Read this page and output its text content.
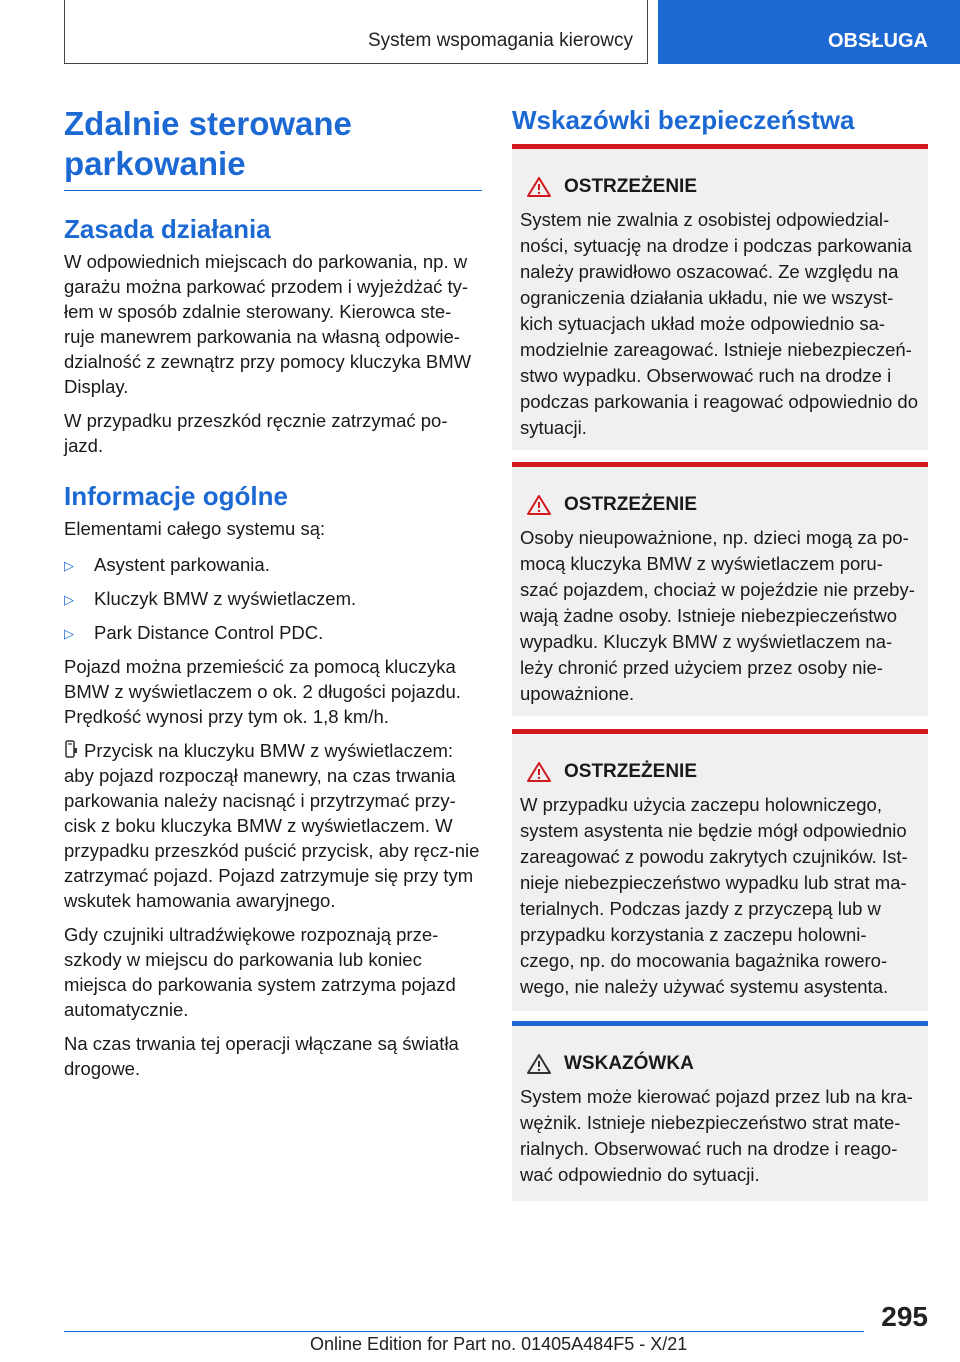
System wspomagania kierowcy	OBSŁUGA
Zdalnie sterowane
parkowanie
Zasada działania

W odpowiednich miejscach do parkowania, np. w garażu można parkować przodem i wyjeżdżać ty-łem w sposób zdalnie sterowany. Kierowca ste-ruje manewrem parkowania na własną odpowie-dzialność z zewnątrz przy pomocy kluczyka BMW Display.

W przypadku przeszkód ręcznie zatrzymać po-jazd.

Informacje ogólne

Elementami całego systemu są:

▷ Asystent parkowania.
▷ Kluczyk BMW z wyświetlaczem.
▷ Park Distance Control PDC.

Pojazd można przemieścić za pomocą kluczyka BMW z wyświetlaczem o ok. 2 długości pojazdu. Prędkość wynosi przy tym ok. 1,8 km/h.

Przycisk na kluczyku BMW z wyświetlaczem: aby pojazd rozpoczął manewry, na czas trwania parkowania należy nacisnąć i przytrzymać przy-cisk z boku kluczyka BMW z wyświetlaczem. W przypadku przeszkód puścić przycisk, aby ręcz-nie zatrzymać pojazd. Pojazd zatrzymuje się przy tym wskutek hamowania awaryjnego.

Gdy czujniki ultradźwiękowe rozpoznają prze-szkody w miejscu do parkowania lub koniec miejsca do parkowania system zatrzyma pojazd automatycznie.

Na czas trwania tej operacji włączane są światła drogowe.

Wskazówki bezpieczeństwa
OSTRZEŻENIE
System nie zwalnia z osobistej odpowiedzial-ności, sytuację na drodze i podczas parkowania należy prawidłowo oszacować. Ze względu na ograniczenia działania układu, nie we wszyst-kich sytuacjach układ może odpowiednio sa-modzielnie zareagować. Istnieje niebezpieczeń-stwo wypadku. Obserwować ruch na drodze i podczas parkowania i reagować odpowiednio do sytuacji.
OSTRZEŻENIE
Osoby nieupoważnione, np. dzieci mogą za po-mocą kluczyka BMW z wyświetlaczem poru-szać pojazdem, chociaż w pojeździe nie przeby-wają żadne osoby. Istnieje niebezpieczeństwo wypadku. Kluczyk BMW z wyświetlaczem na-leży chronić przed użyciem przez osoby nie-upoważnione.
OSTRZEŻENIE
W przypadku użycia zaczepu holowniczego, system asystenta nie będzie mógł odpowiednio zareagować z powodu zakrytych czujników. Ist-nieje niebezpieczeństwo wypadku lub strat ma-terialnych. Podczas jazdy z przyczepą lub w przypadku korzystania z zaczepu holowni-czego, np. do mocowania bagażnika rowero-wego, nie należy używać systemu asystenta.
WSKAZÓWKA
System może kierować pojazd przez lub na kra-wężnik. Istnieje niebezpieczeństwo strat mate-rialnych. Obserwować ruch na drodze i reago-wać odpowiednio do sytuacji.
295
Online Edition for Part no. 01405A484F5 - X/21
